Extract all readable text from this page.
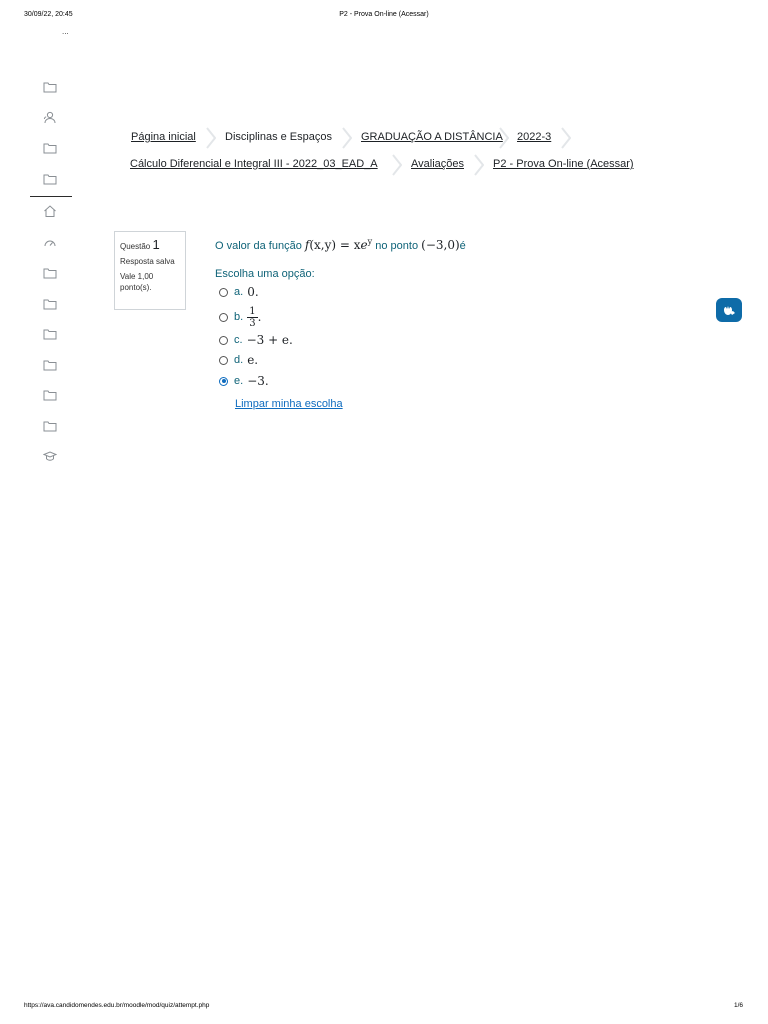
30/09/22, 20:45	P2 - Prova On-line (Acessar)
...
Página inicial	Disciplinas e Espaços	GRADUAÇÃO A DISTÂNCIA 2022-3
Cálculo Diferencial e Integral III - 2022_03_EAD_A	Avaliações	P2 - Prova On-line (Acessar)
Questão 1

Resposta salva

Vale 1,00 ponto(s).

O valor da função $f(x,y) = xe^y$ no ponto (−3,0)é
Escolha uma opção:
a. 0.
b. $\frac{1}{3}$ .
c. −3 + e.
d. e.
e. −3.
Limpar minha escolha
https://ava.candidomendes.edu.br/moodle/mod/quiz/attempt.php	1/6
